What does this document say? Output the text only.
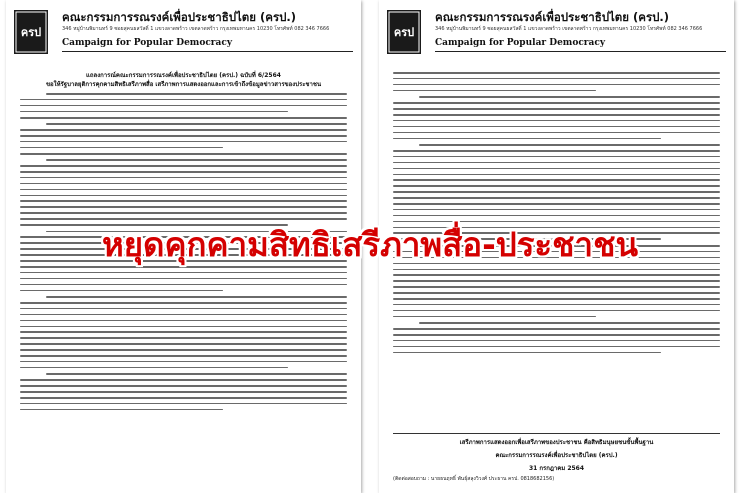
ครป
คณะกรรมการรณรงค์เพื่อประชาธิปไตย (ครป.)
346 หมู่บ้านพิมานทร์ 9 ซอยสุคนธสวัสดิ์ 1 แขวงลาดพร้าว เขตลาดพร้าว กรุงเทพมหานคร 10230 โทรศัพท์ 082 346 7666
Campaign for Popular Democracy
แถลงการณ์คณะกรรมการรณรงค์เพื่อประชาธิปไตย (ครป.) ฉบับที่ 6/2564
ขอให้รัฐบาลยุติการคุกคามสิทธิเสรีภาพสื่อ เสรีภาพการแสดงออกและการเข้าถึงข้อมูลข่าวสารของประชาชน
ครป
คณะกรรมการรณรงค์เพื่อประชาธิปไตย (ครป.)
346 หมู่บ้านพิมานทร์ 9 ซอยสุคนธสวัสดิ์ 1 แขวงลาดพร้าว เขตลาดพร้าว กรุงเทพมหานคร 10230 โทรศัพท์ 082 346 7666
Campaign for Popular Democracy
เสรีภาพการแสดงออกเพื่อเสรีภาพของประชาชน คือสิทธิมนุษยชนขั้นพื้นฐาน
คณะกรรมการรณรงค์เพื่อประชาธิปไตย (ครป.)
31 กรกฎาคม 2564
(ติดต่อสอบถาม : นายธนฤทธิ์ พันธุ์สลุงวิวงศ์ ประธาน ครป. 0818682156)
หยุดคุกคามสิทธิเสรีภาพสื่อ-ประชาชน
